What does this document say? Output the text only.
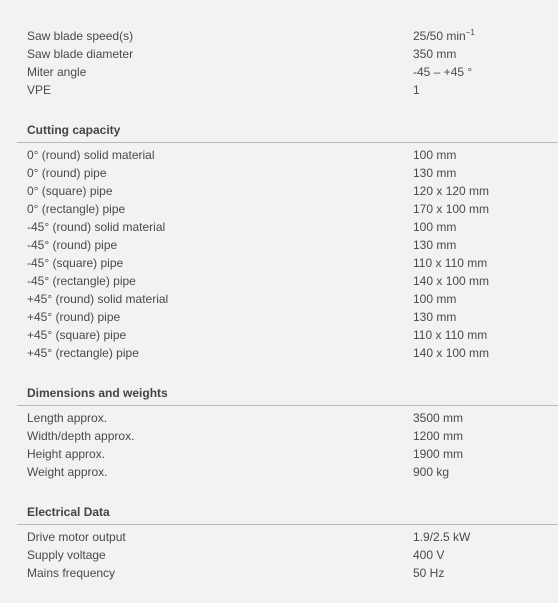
Saw blade speed(s)	25/50 $\min^{-1}$
Saw blade diameter	350 mm
Miter angle	-45 – +45 °
VPE	1
Cutting capacity
0° (round) solid material	100 mm
0° (round) pipe	130 mm
0° (square) pipe	120 x 120 mm
0° (rectangle) pipe	170 x 100 mm
-45° (round) solid material	100 mm
-45° (round) pipe	130 mm
-45° (square) pipe	110 x 110 mm
-45° (rectangle) pipe	140 x 100 mm
+45° (round) solid material	100 mm
+45° (round) pipe	130 mm
+45° (square) pipe	110 x 110 mm
+45° (rectangle) pipe	140 x 100 mm
Dimensions and weights
Length approx.	3500 mm
Width/depth approx.	1200 mm
Height approx.	1900 mm
Weight approx.	900 kg
Electrical Data
Drive motor output	1.9/2.5 kW
Supply voltage	400 V
Mains frequency	50 Hz
